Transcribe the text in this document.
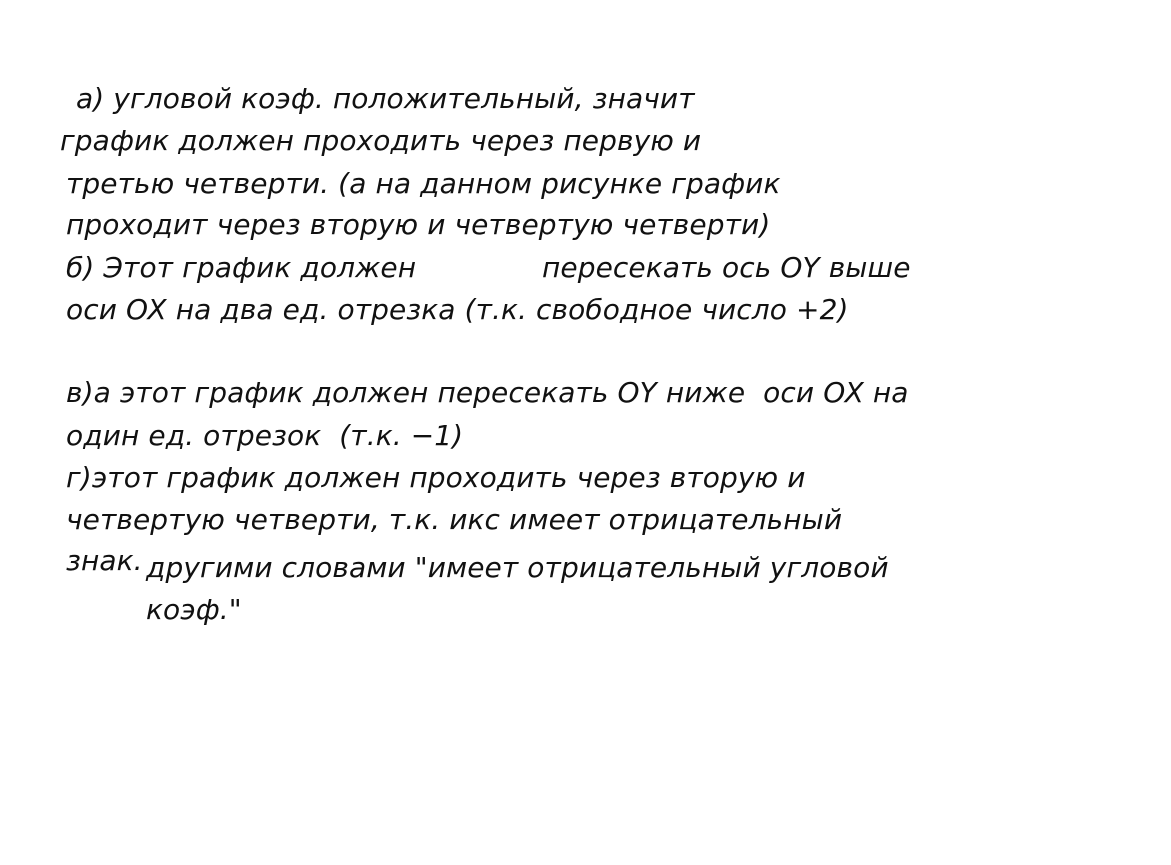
а) угловой коэф. положительный, значит
график должен проходить через первую и
третью четверти. (а на данном рисунке график
проходит через вторую и четвертую четверти)
б) Этот график должен	пересекать ось OY выше
оси OX на два ед. отрезка (т.к. свободное число +2)
в)а этот график должен пересекать OY ниже  оси OX на
один ед. отрезок  (т.к. −1)
г)этот график должен проходить через вторую и
четвертую четверти, т.к. икс имеет отрицательный
знак. другими словами "имеет отрицательный угловой
коэф."
